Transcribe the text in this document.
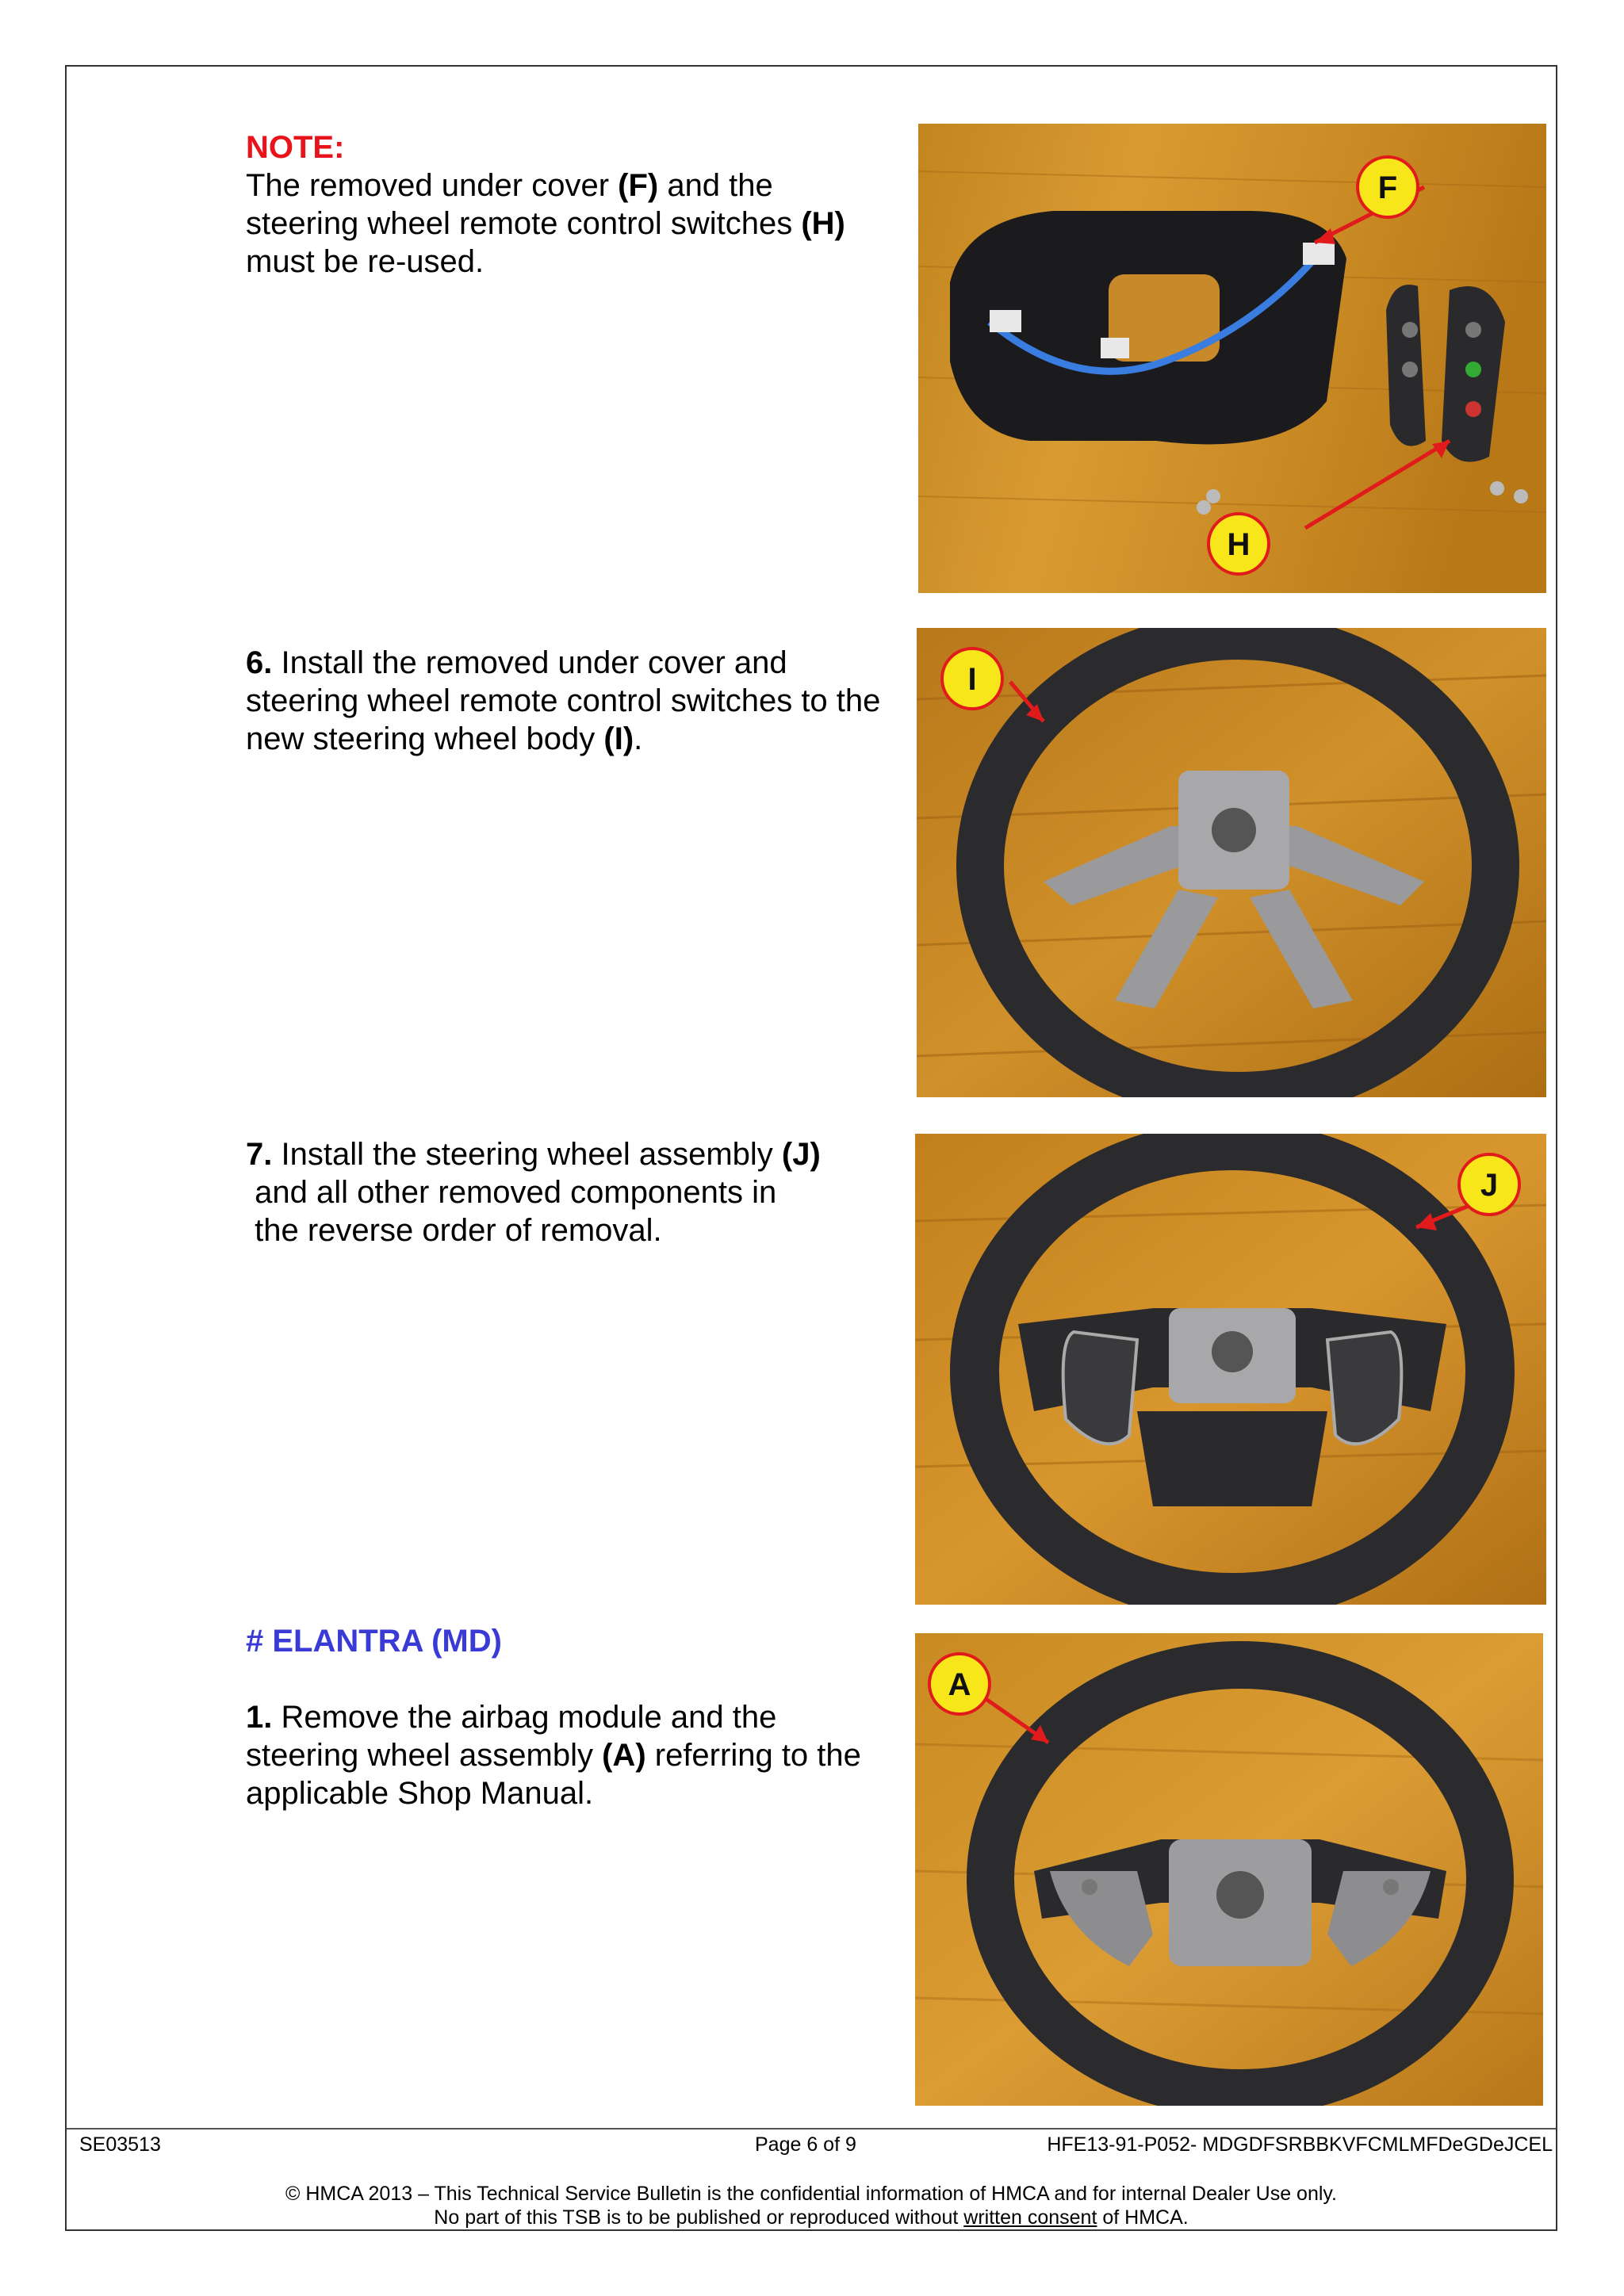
NOTE:
The removed under cover (F) and the
steering wheel remote control switches (H)
must be re-used.
F
H
6. Install the removed under cover and
steering wheel remote control switches to the
new steering wheel body (I).
I
7. Install the steering wheel assembly (J)
and all other removed components in
the reverse order of removal.
J
# ELANTRA (MD)
1. Remove the airbag module and the
steering wheel assembly (A) referring to the
applicable Shop Manual.
A
SE03513	Page 6 of 9	HFE13-91-P052- MDGDFSRBBKVFCMLMFDeGDeJCEL
© HMCA 2013 – This Technical Service Bulletin is the confidential information of HMCA and for internal Dealer Use only.
No part of this TSB is to be published or reproduced without written consent of HMCA.
